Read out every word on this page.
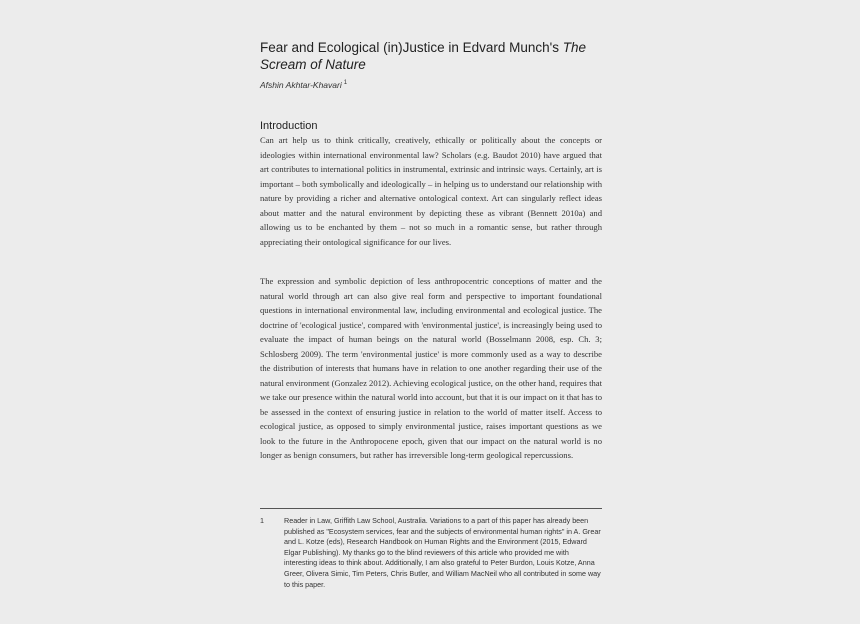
Fear and Ecological (in)Justice in Edvard Munch's The Scream of Nature
Afshin Akhtar-Khavari $^1$
Introduction

Can art help us to think critically, creatively, ethically or politically about the concepts or ideologies within international environmental law? Scholars (e.g. Baudot 2010) have argued that art contributes to international politics in instrumental, extrinsic and intrinsic ways. Certainly, art is important – both symbolically and ideologically – in helping us to understand our relationship with nature by providing a richer and alternative ontological context. Art can singularly reflect ideas about matter and the natural environment by depicting these as vibrant (Bennett 2010a) and allowing us to be enchanted by them – not so much in a romantic sense, but rather through appreciating their ontological significance for our lives.

The expression and symbolic depiction of less anthropocentric conceptions of matter and the natural world through art can also give real form and perspective to important foundational questions in international environmental law, including environmental and ecological justice. The doctrine of 'ecological justice', compared with 'environmental justice', is increasingly being used to evaluate the impact of human beings on the natural world (Bosselmann 2008, esp. Ch. 3; Schlosberg 2009). The term 'environmental justice' is more commonly used as a way to describe the distribution of interests that humans have in relation to one another regarding their use of the natural environment (Gonzalez 2012). Achieving ecological justice, on the other hand, requires that we take our presence within the natural world into account, but that it is our impact on it that has to be assessed in the context of ensuring justice in relation to the world of matter itself. Access to ecological justice, as opposed to simply environmental justice, raises important questions as we look to the future in the Anthropocene epoch, given that our impact on the natural world is no longer as benign consumers, but rather has irreversible long-term geological repercussions.

1	Reader in Law, Griffith Law School, Australia. Variations to a part of this paper has already been published as "Ecosystem services, fear and the subjects of environmental human rights" in A. Grear and L. Kotze (eds), Research Handbook on Human Rights and the Environment (2015, Edward Elgar Publishing). My thanks go to the blind reviewers of this article who provided me with interesting ideas to think about. Additionally, I am also grateful to Peter Burdon, Louis Kotze, Anna Greer, Olivera Simic, Tim Peters, Chris Butler, and William MacNeil who all contributed in some way to this paper.
